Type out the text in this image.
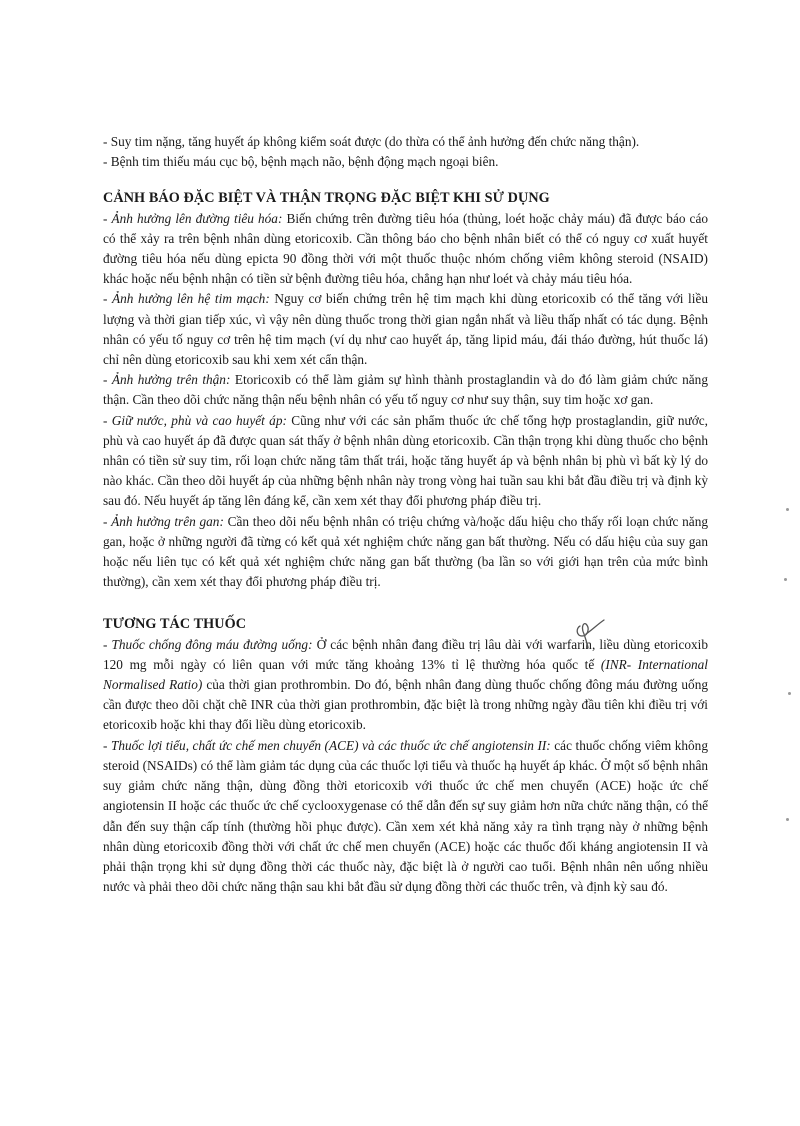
- Suy tim nặng, tăng huyết áp không kiểm soát được (do thừa có thể ảnh hưởng đến chức năng thận).

- Bệnh tim thiếu máu cục bộ, bệnh mạch não, bệnh động mạch ngoại biên.

CẢNH BÁO ĐẶC BIỆT VÀ THẬN TRỌNG ĐẶC BIỆT KHI SỬ DỤNG

- Ảnh hưởng lên đường tiêu hóa: Biến chứng trên đường tiêu hóa (thủng, loét hoặc chảy máu) đã được báo cáo có thể xảy ra trên bệnh nhân dùng etoricoxib. Cần thông báo cho bệnh nhân biết có thể có nguy cơ xuất huyết đường tiêu hóa nếu dùng epicta 90 đồng thời với một thuốc thuộc nhóm chống viêm không steroid (NSAID) khác hoặc nếu bệnh nhận có tiền sử bệnh đường tiêu hóa, chẳng hạn như loét và chảy máu tiêu hóa.

- Ảnh hưởng lên hệ tim mạch: Nguy cơ biến chứng trên hệ tim mạch khi dùng etoricoxib có thể tăng với liều lượng và thời gian tiếp xúc, vì vậy nên dùng thuốc trong thời gian ngắn nhất và liều thấp nhất có tác dụng. Bệnh nhân có yếu tố nguy cơ trên hệ tim mạch (ví dụ như cao huyết áp, tăng lipid máu, đái tháo đường, hút thuốc lá) chỉ nên dùng etoricoxib sau khi xem xét cẩn thận.

- Ảnh hưởng trên thận: Etoricoxib có thể làm giảm sự hình thành prostaglandin và do đó làm giảm chức năng thận. Cần theo dõi chức năng thận nếu bệnh nhân có yếu tố nguy cơ như suy thận, suy tim hoặc xơ gan.

- Giữ nước, phù và cao huyết áp: Cũng như với các sản phẩm thuốc ức chế tổng hợp prostaglandin, giữ nước, phù và cao huyết áp đã được quan sát thấy ở bệnh nhân dùng etoricoxib. Cần thận trọng khi dùng thuốc cho bệnh nhân có tiền sử suy tim, rối loạn chức năng tâm thất trái, hoặc tăng huyết áp và bệnh nhân bị phù vì bất kỳ lý do nào khác. Cần theo dõi huyết áp của những bệnh nhân này trong vòng hai tuần sau khi bắt đầu điều trị và định kỳ sau đó. Nếu huyết áp tăng lên đáng kể, cần xem xét thay đổi phương pháp điều trị.

- Ảnh hưởng trên gan: Cần theo dõi nếu bệnh nhân có triệu chứng và/hoặc dấu hiệu cho thấy rối loạn chức năng gan, hoặc ở những người đã từng có kết quả xét nghiệm chức năng gan bất thường. Nếu có dấu hiệu của suy gan hoặc nếu liên tục có kết quả xét nghiệm chức năng gan bất thường (ba lần so với giới hạn trên của mức bình thường), cần xem xét thay đổi phương pháp điều trị.

TƯƠNG TÁC THUỐC

- Thuốc chống đông máu đường uống: Ở các bệnh nhân đang điều trị lâu dài với warfarin, liều dùng etoricoxib 120 mg mỗi ngày có liên quan với mức tăng khoảng 13% tỉ lệ thường hóa quốc tế (INR- International Normalised Ratio) của thời gian prothrombin. Do đó, bệnh nhân đang dùng thuốc chống đông máu đường uống cần được theo dõi chặt chẽ INR của thời gian prothrombin, đặc biệt là trong những ngày đầu tiên khi điều trị với etoricoxib hoặc khi thay đổi liều dùng etoricoxib.

- Thuốc lợi tiểu, chất ức chế men chuyển (ACE) và các thuốc ức chế angiotensin II: các thuốc chống viêm không steroid (NSAIDs) có thể làm giảm tác dụng của các thuốc lợi tiểu và thuốc hạ huyết áp khác. Ở một số bệnh nhân suy giảm chức năng thận, dùng đồng thời etoricoxib với thuốc ức chế men chuyển (ACE) hoặc ức chế angiotensin II hoặc các thuốc ức chế cyclooxygenase có thể dẫn đến sự suy giảm hơn nữa chức năng thận, có thể dẫn đến suy thận cấp tính (thường hồi phục được). Cần xem xét khả năng xảy ra tình trạng này ở những bệnh nhân dùng etoricoxib đồng thời với chất ức chế men chuyển (ACE) hoặc các thuốc đối kháng angiotensin II và phải thận trọng khi sử dụng đồng thời các thuốc này, đặc biệt là ở người cao tuổi. Bệnh nhân nên uống nhiều nước và phải theo dõi chức năng thận sau khi bắt đầu sử dụng đồng thời các thuốc trên, và định kỳ sau đó.
